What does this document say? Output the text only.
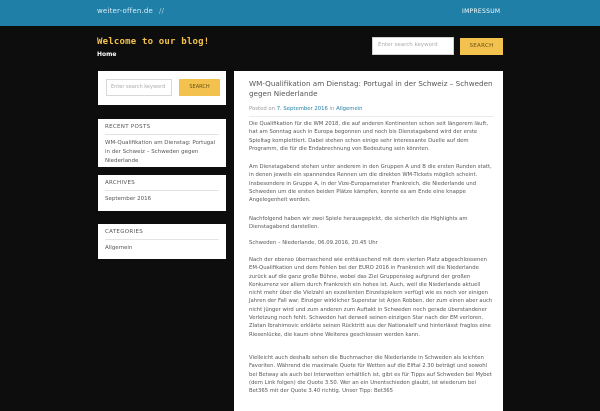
weiter-offen.de //	IMPRESSUM
Welcome to our blog!
Home
Enter search keyword	SEARCH
Enter search keyword	SEARCH
RECENT POSTS
WM-Qualifikation am Dienstag: Portugal in der Schweiz – Schweden gegen Niederlande
ARCHIVES
September 2016
CATEGORIES
Allgemein
WM-Qualifikation am Dienstag: Portugal in der Schweiz – Schweden gegen Niederlande
Posted on 7. September 2016 in Allgemein
Die Qualifikation für die WM 2018, die auf anderen Kontinenten schon seit längerem läuft, hat am Sonntag auch in Europa begonnen und noch bis Dienstagabend wird der erste Spieltag komplettiert. Dabei stehen schon einige sehr interessante Duelle auf dem Programm, die für die Endabrechnung von Bedeutung sein könnten.
Am Dienstagabend stehen unter anderem in den Gruppen A und B die ersten Runden statt, in denen jeweils ein spannendes Rennen um die direkten WM-Tickets möglich scheint. Insbesondere in Gruppe A, in der Vize-Europameister Frankreich, die Niederlande und Schweden um die ersten beiden Plätze kämpfen, konnte es am Ende eine knappe Angelegenheit werden.
Nachfolgend haben wir zwei Spiele herausgepickt, die sicherlich die Highlights am Dienstagabend darstellen.
Schweden – Niederlande, 06.09.2016, 20.45 Uhr
Nach der ebenso überraschend wie enttäuschend mit dem vierten Platz abgeschlossenen EM-Qualifikation und dem Fehlen bei der EURO 2016 in Frankreich will die Niederlande zurück auf die ganz große Bühne, wobei das Ziel Gruppensieg aufgrund der großen Konkurrenz vor allem durch Frankreich ein hohes ist. Auch, weil die Niederlande aktuell nicht mehr über die Vielzahl an exzellenten Einzelspielern verfügt wie es noch vor einigen Jahren der Fall war. Einziger wirklicher Superstar ist Arjen Robben, der zum einen aber auch nicht jünger wird und zum anderen zum Auftakt in Schweden noch gerade überstandener Verletzung noch fehlt. Schweden hat derweil seinen einzigen Star nach der EM verloren. Zlatan Ibrahimovic erklärte seinen Rücktritt aus der Nationalelf und hinterlässt fraglos eine Riesenlücke, die kaum ohne Weiteres geschlossen werden kann.
Vielleicht auch deshalb sehen die Buchmacher die Niederlande in Schweden als leichten Favoriten. Während die maximale Quote für Wetten auf die Elftal 2.30 beträgt und sowohl bei Betway als auch bei Interwetten erhältlich ist, gibt es für Tipps auf Schweden bei Mybet (dem Link folgen) die Quote 3.50. Wer an ein Unentschieden glaubt, ist wiederum bei Bet365 mit der Quote 3.40 richtig. Unser Tipp: Bet365
